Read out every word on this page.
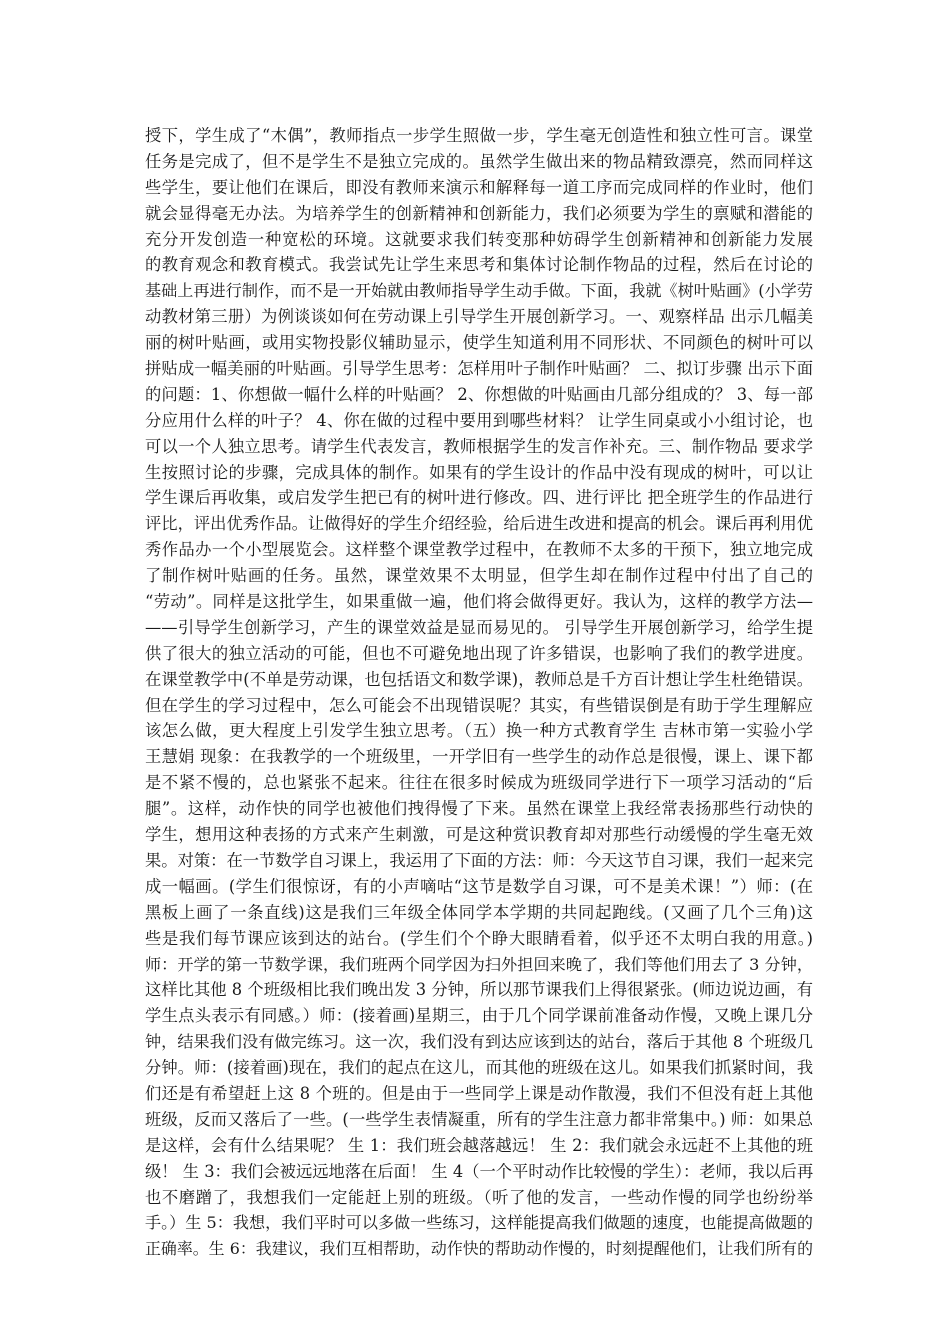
授下，学生成了“木偶”，教师指点一步学生照做一步，学生毫无创造性和独立性可言。课堂
任务是完成了，但不是学生不是独立完成的。虽然学生做出来的物品精致漂亮，然而同样这
些学生，要让他们在课后，即没有教师来演示和解释每一道工序而完成同样的作业时，他们
就会显得毫无办法。为培养学生的创新精神和创新能力，我们必须要为学生的禀赋和潜能的
充分开发创造一种宽松的环境。这就要求我们转变那种妨碍学生创新精神和创新能力发展
的教育观念和教育模式。我尝试先让学生来思考和集体讨论制作物品的过程，然后在讨论的
基础上再进行制作，而不是一开始就由教师指导学生动手做。下面，我就《树叶贴画》(小学劳
动教材第三册）为例谈谈如何在劳动课上引导学生开展创新学习。一、观察样品 出示几幅美
丽的树叶贴画，或用实物投影仪辅助显示，使学生知道利用不同形状、不同颜色的树叶可以
拼贴成一幅美丽的叶贴画。引导学生思考：怎样用叶子制作叶贴画？ 二、拟订步骤 出示下面
的问题：1、你想做一幅什么样的叶贴画？ 2、你想做的叶贴画由几部分组成的？ 3、每一部
分应用什么样的叶子？ 4、你在做的过程中要用到哪些材料？ 让学生同桌或小小组讨论，也
可以一个人独立思考。请学生代表发言，教师根据学生的发言作补充。三、制作物品 要求学
生按照讨论的步骤，完成具体的制作。如果有的学生设计的作品中没有现成的树叶，可以让
学生课后再收集，或启发学生把已有的树叶进行修改。四、进行评比 把全班学生的作品进行
评比，评出优秀作品。让做得好的学生介绍经验，给后进生改进和提高的机会。课后再利用优
秀作品办一个小型展览会。这样整个课堂教学过程中，在教师不太多的干预下，独立地完成
了制作树叶贴画的任务。虽然，课堂效果不太明显，但学生却在制作过程中付出了自己的
“劳动”。同样是这批学生，如果重做一遍，他们将会做得更好。我认为，这样的教学方法—
——引导学生创新学习，产生的课堂效益是显而易见的。 引导学生开展创新学习，给学生提
供了很大的独立活动的可能，但也不可避免地出现了许多错误，也影响了我们的教学进度。
在课堂教学中(不单是劳动课，也包括语文和数学课)，教师总是千方百计想让学生杜绝错误。
但在学生的学习过程中，怎么可能会不出现错误呢？其实，有些错误倒是有助于学生理解应
该怎么做，更大程度上引发学生独立思考。（五）换一种方式教育学生 吉林市第一实验小学
王慧娟 现象：在我教学的一个班级里，一开学旧有一些学生的动作总是很慢，课上、课下都
是不紧不慢的，总也紧张不起来。往往在很多时候成为班级同学进行下一项学习活动的“后
腿”。这样，动作快的同学也被他们拽得慢了下来。虽然在课堂上我经常表扬那些行动快的
学生，想用这种表扬的方式来产生刺激，可是这种赏识教育却对那些行动缓慢的学生毫无效
果。对策：在一节数学自习课上，我运用了下面的方法：师：今天这节自习课，我们一起来完
成一幅画。(学生们很惊讶，有的小声嘀咕“这节是数学自习课，可不是美术课！”）师：(在
黑板上画了一条直线)这是我们三年级全体同学本学期的共同起跑线。(又画了几个三角)这
些是我们每节课应该到达的站台。(学生们个个睁大眼睛看着，似乎还不太明白我的用意。)
师：开学的第一节数学课，我们班两个同学因为扫外担回来晚了，我们等他们用去了 3 分钟，
这样比其他 8 个班级相比我们晚出发 3 分钟，所以那节课我们上得很紧张。(师边说边画，有
学生点头表示有同感。）师：(接着画)星期三，由于几个同学课前准备动作慢，又晚上课几分
钟，结果我们没有做完练习。这一次，我们没有到达应该到达的站台，落后于其他 8 个班级几
分钟。师：(接着画)现在，我们的起点在这儿，而其他的班级在这儿。如果我们抓紧时间，我
们还是有希望赶上这 8 个班的。但是由于一些同学上课是动作散漫，我们不但没有赶上其他
班级，反而又落后了一些。(一些学生表情凝重，所有的学生注意力都非常集中。) 师：如果总
是这样，会有什么结果呢？ 生 1：我们班会越落越远！ 生 2：我们就会永远赶不上其他的班
级！ 生 3：我们会被远远地落在后面！ 生 4（一个平时动作比较慢的学生）：老师，我以后再
也不磨蹭了，我想我们一定能赶上别的班级。（听了他的发言，一些动作慢的同学也纷纷举
手。）生 5：我想，我们平时可以多做一些练习，这样能提高我们做题的速度，也能提高做题的
正确率。生 6：我建议，我们互相帮助，动作快的帮助动作慢的，时刻提醒他们，让我们所有的
